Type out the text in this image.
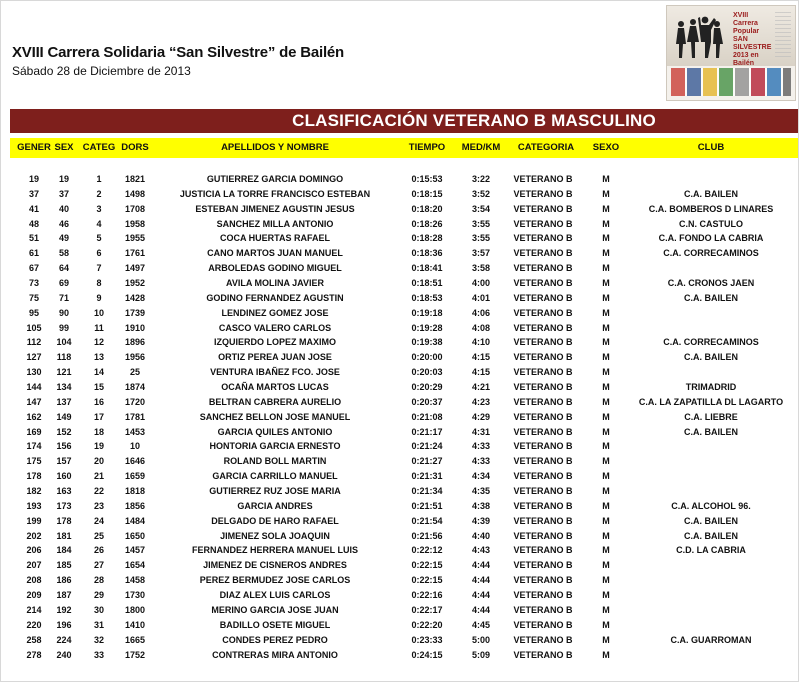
XVIII Carrera Solidaria “San Silvestre” de Bailén
Sábado 28 de Diciembre de 2013
XVIII Carrera Popular SAN SILVESTRE 2013 en Bailén
CLASIFICACIÓN VETERANO B MASCULINO
GENER SEX CATEG DORS	APELLIDOS Y NOMBRE	TIEMPO	MED/KM	CATEGORIA	SEXO	CLUB
19	19	1	1821	GUTIERREZ GARCIA DOMINGO	0:15:53	3:22	VETERANO B	M
37	37	2	1498	JUSTICIA LA TORRE FRANCISCO ESTEBAN	0:18:15	3:52	VETERANO B	M	C.A. BAILEN
41	40	3	1708	ESTEBAN JIMENEZ AGUSTIN JESUS	0:18:20	3:54	VETERANO B	M	C.A. BOMBEROS D LINARES
48	46	4	1958	SANCHEZ MILLA ANTONIO	0:18:26	3:55	VETERANO B	M	C.N. CASTULO
51	49	5	1955	COCA HUERTAS RAFAEL	0:18:28	3:55	VETERANO B	M	C.A. FONDO LA CABRIA
61	58	6	1761	CANO MARTOS JUAN MANUEL	0:18:36	3:57	VETERANO B	M	C.A. CORRECAMINOS
67	64	7	1497	ARBOLEDAS GODINO MIGUEL	0:18:41	3:58	VETERANO B	M
73	69	8	1952	AVILA MOLINA JAVIER	0:18:51	4:00	VETERANO B	M	C.A. CRONOS JAEN
75	71	9	1428	GODINO FERNANDEZ AGUSTIN	0:18:53	4:01	VETERANO B	M	C.A. BAILEN
95	90	10	1739	LENDINEZ GOMEZ JOSE	0:19:18	4:06	VETERANO B	M
105	99	11	1910	CASCO VALERO CARLOS	0:19:28	4:08	VETERANO B	M
112	104	12	1896	IZQUIERDO LOPEZ MAXIMO	0:19:38	4:10	VETERANO B	M	C.A. CORRECAMINOS
127	118	13	1956	ORTIZ PEREA JUAN JOSE	0:20:00	4:15	VETERANO B	M	C.A. BAILEN
130	121	14	25	VENTURA IBAÑEZ FCO. JOSE	0:20:03	4:15	VETERANO B	M
144	134	15	1874	OCAÑA MARTOS LUCAS	0:20:29	4:21	VETERANO B	M	TRIMADRID
147	137	16	1720	BELTRAN CABRERA AURELIO	0:20:37	4:23	VETERANO B	M	C.A. LA ZAPATILLA DL LAGARTO
162	149	17	1781	SANCHEZ BELLON JOSE MANUEL	0:21:08	4:29	VETERANO B	M	C.A. LIEBRE
169	152	18	1453	GARCIA QUILES ANTONIO	0:21:17	4:31	VETERANO B	M	C.A. BAILEN
174	156	19	10	HONTORIA GARCIA ERNESTO	0:21:24	4:33	VETERANO B	M
175	157	20	1646	ROLAND BOLL MARTIN	0:21:27	4:33	VETERANO B	M
178	160	21	1659	GARCIA CARRILLO MANUEL	0:21:31	4:34	VETERANO B	M
182	163	22	1818	GUTIERREZ RUZ JOSE MARIA	0:21:34	4:35	VETERANO B	M
193	173	23	1856	GARCIA ANDRES	0:21:51	4:38	VETERANO B	M	C.A. ALCOHOL 96.
199	178	24	1484	DELGADO DE HARO RAFAEL	0:21:54	4:39	VETERANO B	M	C.A. BAILEN
202	181	25	1650	JIMENEZ SOLA JOAQUIN	0:21:56	4:40	VETERANO B	M	C.A. BAILEN
206	184	26	1457	FERNANDEZ HERRERA MANUEL LUIS	0:22:12	4:43	VETERANO B	M	C.D. LA CABRIA
207	185	27	1654	JIMENEZ DE CISNEROS ANDRES	0:22:15	4:44	VETERANO B	M
208	186	28	1458	PEREZ BERMUDEZ JOSE CARLOS	0:22:15	4:44	VETERANO B	M
209	187	29	1730	DIAZ ALEX LUIS CARLOS	0:22:16	4:44	VETERANO B	M
214	192	30	1800	MERINO GARCIA JOSE JUAN	0:22:17	4:44	VETERANO B	M
220	196	31	1410	BADILLO OSETE MIGUEL	0:22:20	4:45	VETERANO B	M
258	224	32	1665	CONDES PEREZ PEDRO	0:23:33	5:00	VETERANO B	M	C.A. GUARROMAN
278	240	33	1752	CONTRERAS MIRA ANTONIO	0:24:15	5:09	VETERANO B	M
